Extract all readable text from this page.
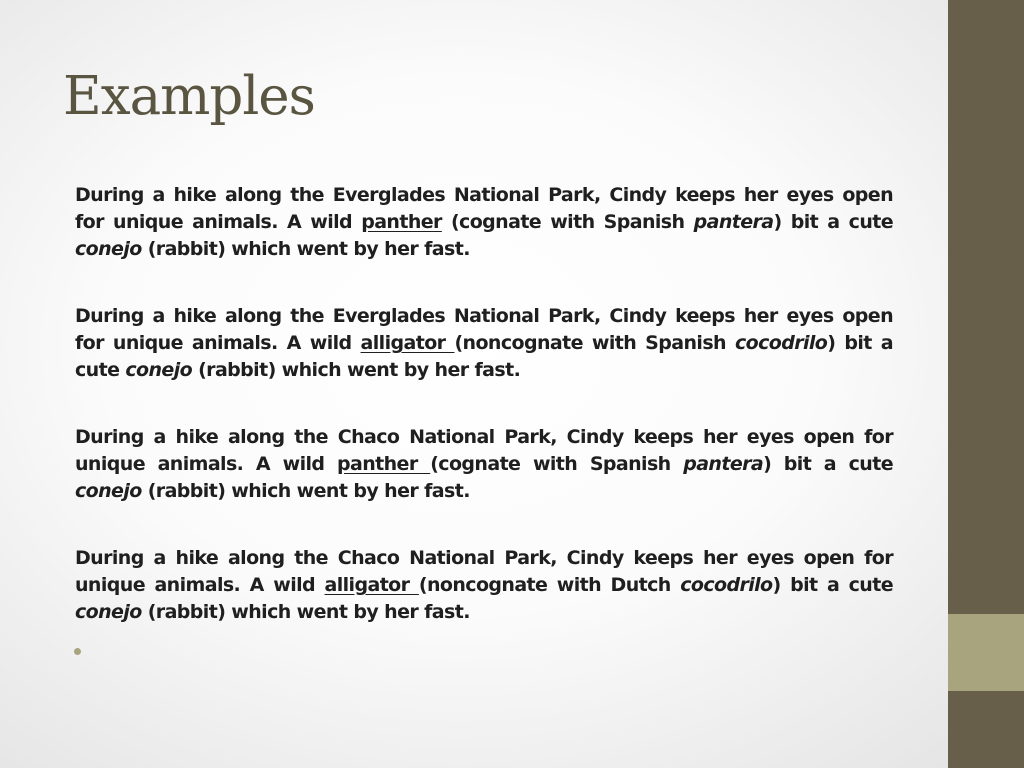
Examples

During a hike along the Everglades National Park, Cindy keeps her eyes open for unique animals. A wild panther (cognate with Spanish pantera) bit a cute conejo (rabbit) which went by her fast.

During a hike along the Everglades National Park, Cindy keeps her eyes open for unique animals. A wild alligator (noncognate with Spanish cocodrilo) bit a cute conejo (rabbit) which went by her fast.

During a hike along the Chaco National Park, Cindy keeps her eyes open for unique animals. A wild panther (cognate with Spanish pantera) bit a cute conejo (rabbit) which went by her fast.

During a hike along the Chaco National Park, Cindy keeps her eyes open for unique animals. A wild alligator (noncognate with Dutch cocodrilo) bit a cute conejo (rabbit) which went by her fast.
